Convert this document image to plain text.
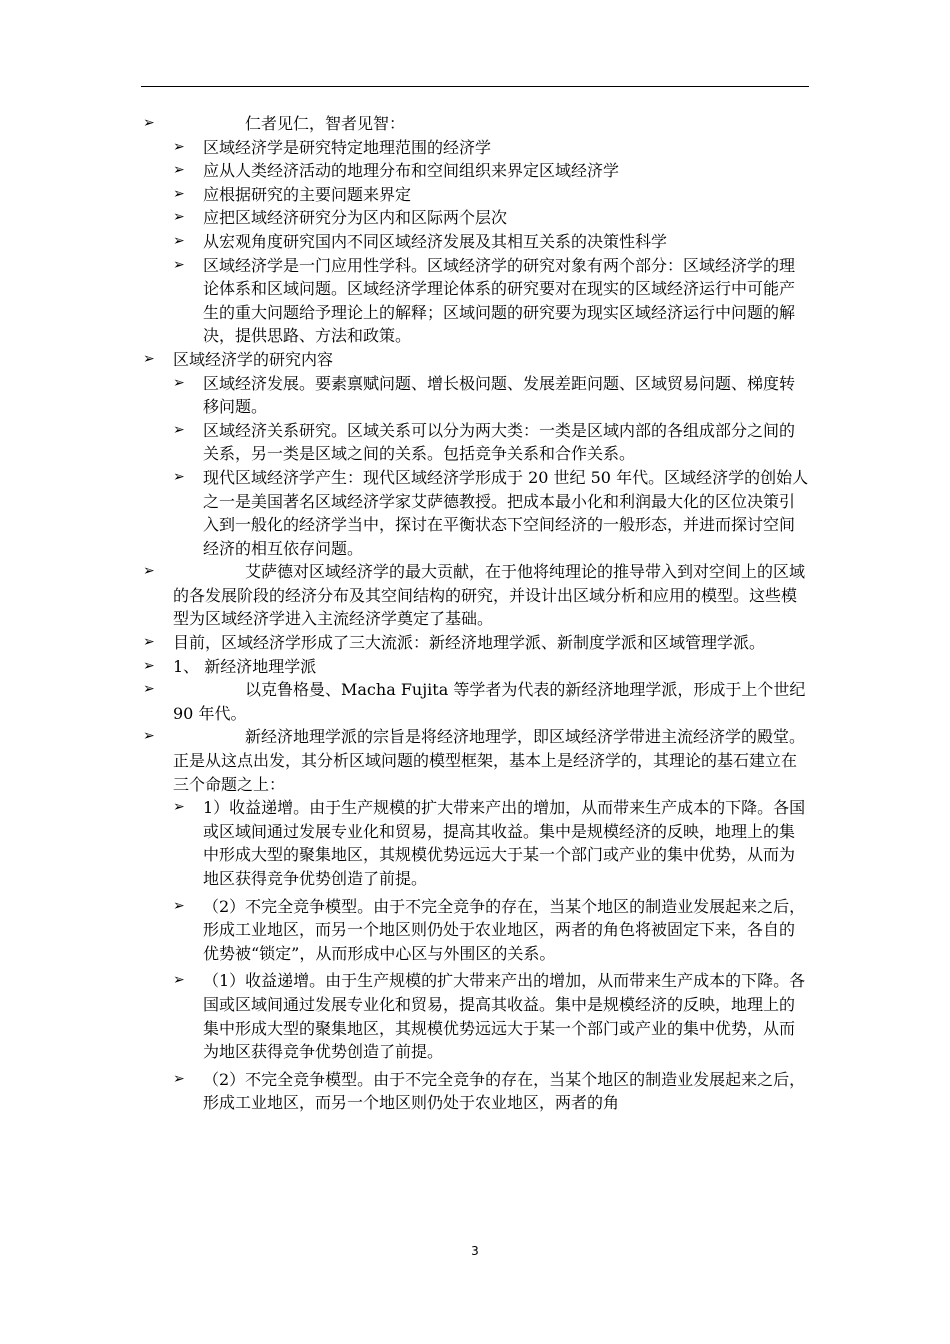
➢	仁者见仁，智者见智：
➢ 区域经济学是研究特定地理范围的经济学
➢ 应从人类经济活动的地理分布和空间组织来界定区域经济学
➢ 应根据研究的主要问题来界定
➢ 应把区域经济研究分为区内和区际两个层次
➢ 从宏观角度研究国内不同区域经济发展及其相互关系的决策性科学
➢ 区域经济学是一门应用性学科。区域经济学的研究对象有两个部分：区域经济学的理论体系和区域问题。区域经济学理论体系的研究要对在现实的区域经济运行中可能产生的重大问题给予理论上的解释；区域问题的研究要为现实区域经济运行中问题的解决，提供思路、方法和政策。
➢ 区域经济学的研究内容
➢ 区域经济发展。要素禀赋问题、增长极问题、发展差距问题、区域贸易问题、梯度转移问题。
➢ 区域经济关系研究。区域关系可以分为两大类：一类是区域内部的各组成部分之间的关系，另一类是区域之间的关系。包括竞争关系和合作关系。
➢ 现代区域经济学产生：现代区域经济学形成于 20 世纪 50 年代。区域经济学的创始人之一是美国著名区域经济学家艾萨德教授。把成本最小化和利润最大化的区位决策引入到一般化的经济学当中，探讨在平衡状态下空间经济的一般形态，并进而探讨空间经济的相互依存问题。
➢	艾萨德对区域经济学的最大贡献，在于他将纯理论的推导带入到对空间上的区域的各发展阶段的经济分布及其空间结构的研究，并设计出区域分析和应用的模型。这些模型为区域经济学进入主流经济学奠定了基础。
➢ 目前，区域经济学形成了三大流派：新经济地理学派、新制度学派和区域管理学派。
➢ 1、 新经济地理学派
➢	以克鲁格曼、Macha Fujita 等学者为代表的新经济地理学派，形成于上个世纪 90 年代。
➢	新经济地理学派的宗旨是将经济地理学，即区域经济学带进主流经济学的殿堂。正是从这点出发，其分析区域问题的模型框架，基本上是经济学的，其理论的基石建立在三个命题之上：
➢ 1）收益递增。由于生产规模的扩大带来产出的增加，从而带来生产成本的下降。各国或区域间通过发展专业化和贸易，提高其收益。集中是规模经济的反映，地理上的集中形成大型的聚集地区，其规模优势远远大于某一个部门或产业的集中优势，从而为地区获得竞争优势创造了前提。
➢ （2）不完全竞争模型。由于不完全竞争的存在，当某个地区的制造业发展起来之后，形成工业地区，而另一个地区则仍处于农业地区，两者的角色将被固定下来，各自的优势被“锁定”，从而形成中心区与外围区的关系。
➢ （1）收益递增。由于生产规模的扩大带来产出的增加，从而带来生产成本的下降。各国或区域间通过发展专业化和贸易，提高其收益。集中是规模经济的反映，地理上的集中形成大型的聚集地区，其规模优势远远大于某一个部门或产业的集中优势，从而为地区获得竞争优势创造了前提。
➢ （2）不完全竞争模型。由于不完全竞争的存在，当某个地区的制造业发展起来之后，形成工业地区，而另一个地区则仍处于农业地区，两者的角
3
